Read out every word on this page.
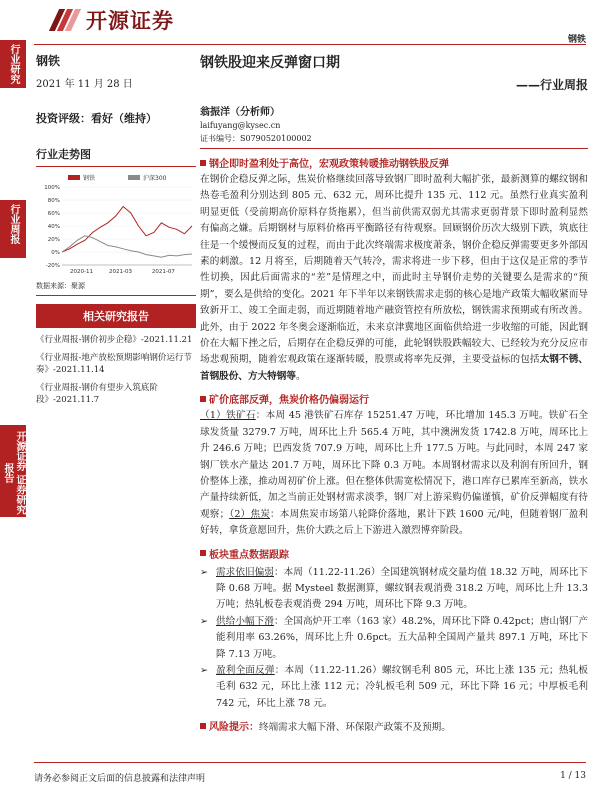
开源证券
钢铁
行业研究
行业周报
开源证券 证券研究报告
钢铁
2021 年 11 月 28 日
投资评级：看好（维持）
行业走势图
100%
80%
60%
40%
20%
0%
-20%
2020-11	2021-03	2021-07
钢铁	沪深300
数据来源：聚源
相关研究报告
《行业周报-钢价初步企稳》-2021.11.21
《行业周报-地产放松预期影响钢价运行节奏》-2021.11.14
《行业周报-钢价有望步入筑底阶段》-2021.11.7
钢铁股迎来反弹窗口期
——行业周报
翁振洋（分析师）
laifuyang@kysec.cn
证书编号：S0790520100002
钢企即时盈利处于高位，宏观政策转暖推动钢铁股反弹
在钢价企稳反弹之际，焦炭价格继续回落导致钢厂即时盈利大幅扩张，最新测算的螺纹钢和热卷毛盈利分别达到 805 元、632 元，周环比提升 135 元、112 元。虽然行业真实盈利明显更低（受前期高价原料存货拖累），但当前供需双弱尤其需求更弱背景下即时盈利显然有偏高之嫌。后期钢材与原料价格再平衡路径有待观察。回顾钢价历次大级别下跌，筑底往往是一个缓慢而反复的过程，而由于此次终端需求极度萧条，钢价企稳反弹需要更多外部因素的刺激。12 月将至，后期随着天气转冷，需求将进一步下移，但由于这仅是正常的季节性切换，因此后面需求的“差”是情理之中，而此时主导钢价走势的关键要么是需求的“预期”，要么是供给的变化。2021 年下半年以来钢铁需求走弱的核心是地产政策大幅收紧而导致新开工、竣工全面走弱，而近期随着地产融资管控有所放松，钢铁需求预期或有所改善。此外，由于 2022 年冬奥会逐渐临近，未来京津冀地区面临供给进一步收缩的可能，因此钢价在大幅下挫之后，后期存在企稳反弹的可能，此轮钢铁股跌幅较大、已经较为充分反应市场悲观预期，随着宏观政策在逐渐转暖，股票或将率先反弹，主要受益标的包括太钢不锈、首钢股份、方大特钢等。
矿价底部反弹，焦炭价格仍偏弱运行
（1）铁矿石：本周 45 港铁矿石库存 15251.47 万吨，环比增加 145.3 万吨。铁矿石全球发货量 3279.7 万吨，周环比上升 565.4 万吨，其中澳洲发货 1742.8 万吨，周环比上升 246.6 万吨；巴西发货 707.9 万吨，周环比上升 177.5 万吨。与此同时，本周 247 家钢厂铁水产量达 201.7 万吨，周环比下降 0.3 万吨。本周钢材需求以及利润有所回升，钢价整体上涨，推动周初矿价上涨。但在整体供需宽松情况下，港口库存已累库至新高，铁水产量持续新低，加之当前正处钢材需求淡季，钢厂对上游采购仍偏谨慎，矿价反弹幅度有待观察；（2）焦炭：本周焦炭市场第八轮降价落地，累计下跌 1600 元/吨，但随着钢厂盈利好转，拿货意愿回升，焦价大跌之后上下游进入激烈博弈阶段。
板块重点数据跟踪
➢ 需求依旧偏弱：本周（11.22-11.26）全国建筑钢材成交量均值 18.32 万吨，周环比下降 0.68 万吨。据 Mysteel 数据测算，螺纹钢表观消费 318.2 万吨，周环比上升 13.3 万吨；热轧板卷表观消费 294 万吨，周环比下降 9.3 万吨。
➢ 供给小幅下滑：全国高炉开工率（163 家）48.2%，周环比下降 0.42pct；唐山钢厂产能利用率 63.26%，周环比上升 0.6pct。五大品种全国周产量共 897.1 万吨，环比下降 7.13 万吨。
➢ 盈利全面反弹：本周（11.22-11.26）螺纹钢毛利 805 元，环比上涨 135 元；热轧板毛利 632 元，环比上涨 112 元；冷轧板毛利 509 元，环比下降 16 元；中厚板毛利 742 元，环比上涨 78 元。
风险提示： 终端需求大幅下滑、环保限产政策不及预期。
请务必参阅正文后面的信息披露和法律声明	1 / 13
